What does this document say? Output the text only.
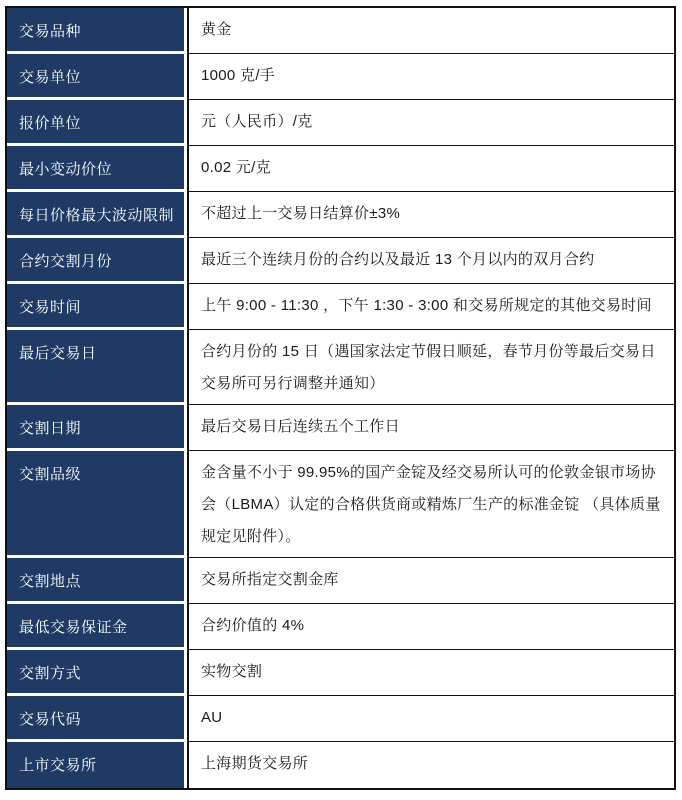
交易品种	黄金
交易单位	1000 克/手
报价单位	元（人民币）/克
最小变动价位	0.02 元/克
每日价格最大波动限制	不超过上一交易日结算价±3%
合约交割月份	最近三个连续月份的合约以及最近 13 个月以内的双月合约
交易时间	上午 9:00 - 11:30 ，下午 1:30 - 3:00 和交易所规定的其他交易时间
最后交易日	合约月份的 15 日（遇国家法定节假日顺延，春节月份等最后交易日交易所可另行调整并通知）
交割日期	最后交易日后连续五个工作日
交割品级	金含量不小于 99.95%的国产金锭及经交易所认可的伦敦金银市场协会（LBMA）认定的合格供货商或精炼厂生产的标准金锭 （具体质量规定见附件）。
交割地点	交易所指定交割金库
最低交易保证金	合约价值的 4%
交割方式	实物交割
交易代码	AU
上市交易所	上海期货交易所
